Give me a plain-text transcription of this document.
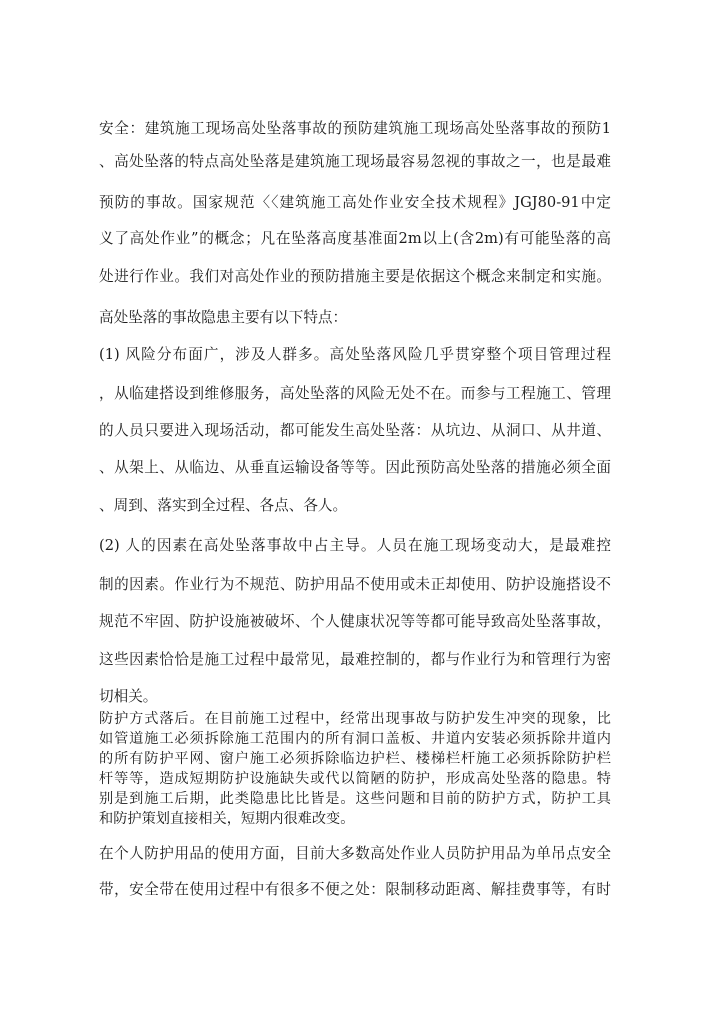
安全：建筑施工现场高处坠落事故的预防建筑施工现场高处坠落事故的预防1
、高处坠落的特点高处坠落是建筑施工现场最容易忽视的事故之一，也是最难
预防的事故。国家规范〈〈建筑施工高处作业安全技术规程》JGJ80-91中定
义了高处作业”的概念；凡在坠落高度基准面2m以上(含2m)有可能坠落的高
处进行作业。我们对高处作业的预防措施主要是依据这个概念来制定和实施。
高处坠落的事故隐患主要有以下特点：
(1) 风险分布面广，涉及人群多。高处坠落风险几乎贯穿整个项目管理过程
，从临建搭设到维修服务，高处坠落的风险无处不在。而参与工程施工、管理
的人员只要进入现场活动，都可能发生高处坠落：从坑边、从洞口、从井道、
、从架上、从临边、从垂直运输设备等等。因此预防高处坠落的措施必须全面
、周到、落实到全过程、各点、各人。
(2) 人的因素在高处坠落事故中占主导。人员在施工现场变动大，是最难控
制的因素。作业行为不规范、防护用品不使用或未正却使用、防护设施搭设不
规范不牢固、防护设施被破坏、个人健康状况等等都可能导致高处坠落事故，
这些因素恰恰是施工过程中最常见，最难控制的，都与作业行为和管理行为密
切相关。
防护方式落后。在目前施工过程中，经常出现事故与防护发生冲突的现象，比
如管道施工必须拆除施工范围内的所有洞口盖板、井道内安装必须拆除井道内
的所有防护平网、窗户施工必须拆除临边护栏、楼梯栏杆施工必须拆除防护栏
杆等等，造成短期防护设施缺失或代以简陋的防护，形成高处坠落的隐患。特
别是到施工后期，此类隐患比比皆是。这些问题和目前的防护方式，防护工具
和防护策划直接相关，短期内很难改变。
在个人防护用品的使用方面，目前大多数高处作业人员防护用品为单吊点安全
带，安全带在使用过程中有很多不便之处：限制移动距离、解挂费事等，有时
